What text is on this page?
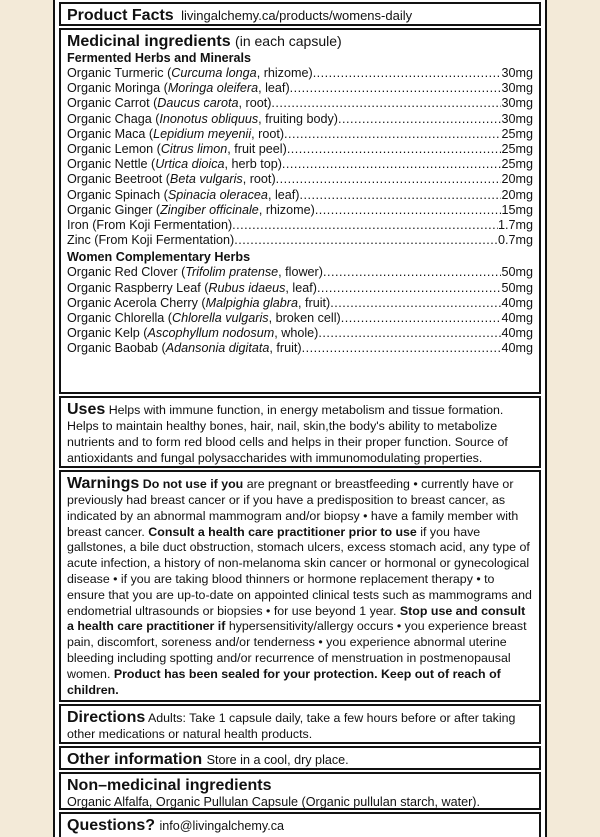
Product Facts livingalchemy.ca/products/womens-daily
Medicinal ingredients (in each capsule)
Fermented Herbs and Minerals
Organic Turmeric (Curcuma longa, rhizome) .....	30mg
Organic Moringa (Moringa oleifera, leaf) .....	30mg
Organic Carrot (Daucus carota, root) .....	30mg
Organic Chaga (Inonotus obliquus, fruiting body) .....	30mg
Organic Maca (Lepidium meyenii, root) .....	25mg
Organic Lemon (Citrus limon, fruit peel) .....	25mg
Organic Nettle (Urtica dioica, herb top) .....	25mg
Organic Beetroot (Beta vulgaris, root) .....	20mg
Organic Spinach (Spinacia oleracea, leaf) .....	20mg
Organic Ginger (Zingiber officinale, rhizome) .....	15mg
Iron (From Koji Fermentation) .....	1.7mg
Zinc (From Koji Fermentation) .....	0.7mg
Women Complementary Herbs
Organic Red Clover (Trifolim pratense, flower) .....	50mg
Organic Raspberry Leaf (Rubus idaeus, leaf) .....	50mg
Organic Acerola Cherry (Malpighia glabra, fruit) .....	40mg
Organic Chlorella (Chlorella vulgaris, broken cell) .....	40mg
Organic Kelp (Ascophyllum nodosum, whole) .....	40mg
Organic Baobab (Adansonia digitata, fruit) .....	40mg
Uses Helps with immune function, in energy metabolism and tissue formation. Helps to maintain healthy bones, hair, nail, skin,the body's ability to metabolize nutrients and to form red blood cells and helps in their proper function. Source of antioxidants and fungal polysaccharides with immunomodulating properties.
Warnings Do not use if you are pregnant or breastfeeding • currently have or previously had breast cancer or if you have a predisposition to breast cancer, as indicated by an abnormal mammogram and/or biopsy • have a family member with breast cancer. Consult a health care practitioner prior to use if you have gallstones, a bile duct obstruction, stomach ulcers, excess stomach acid, any type of acute infection, a history of non-melanoma skin cancer or hormonal or gynecological disease • if you are taking blood thinners or hormone replacement therapy • to ensure that you are up-to-date on appointed clinical tests such as mammograms and endometrial ultrasounds or biopsies • for use beyond 1 year. Stop use and consult a health care practitioner if hypersensitivity/allergy occurs • you experience breast pain, discomfort, soreness and/or tenderness • you experience abnormal uterine bleeding including spotting and/or recurrence of menstruation in postmenopausal women. Product has been sealed for your protection. Keep out of reach of children.
Directions Adults: Take 1 capsule daily, take a few hours before or after taking other medications or natural health products.
Other information Store in a cool, dry place.
Non–medicinal ingredients
Organic Alfalfa, Organic Pullulan Capsule (Organic pullulan starch, water).
Questions? info@livingalchemy.ca
